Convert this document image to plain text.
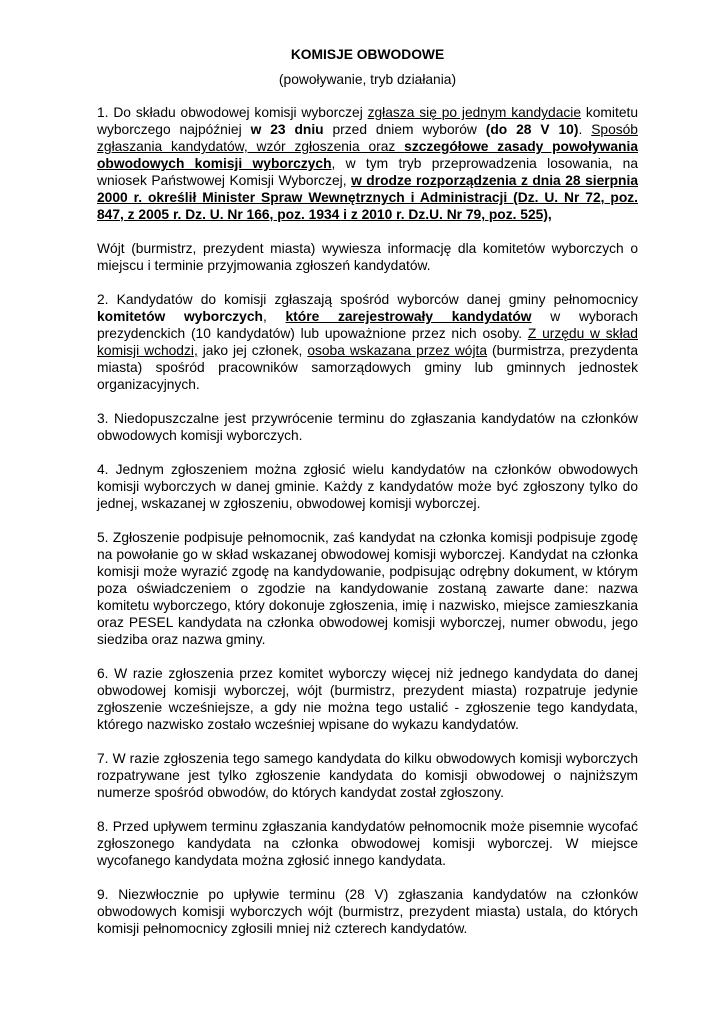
KOMISJE OBWODOWE
(powoływanie, tryb działania)

1. Do składu obwodowej komisji wyborczej zgłasza się po jednym kandydacie komitetu wyborczego najpóźniej w 23 dniu przed dniem wyborów (do 28 V 10). Sposób zgłaszania kandydatów, wzór zgłoszenia oraz szczegółowe zasady powoływania obwodowych komisji wyborczych, w tym tryb przeprowadzenia losowania, na wniosek Państwowej Komisji Wyborczej, w drodze rozporządzenia z dnia 28 sierpnia 2000 r. określił Minister Spraw Wewnętrznych i Administracji (Dz. U. Nr 72, poz. 847, z 2005 r. Dz. U. Nr 166, poz. 1934 i z 2010 r. Dz.U. Nr 79, poz. 525),

Wójt (burmistrz, prezydent miasta) wywiesza informację dla komitetów wyborczych o miejscu i terminie przyjmowania zgłoszeń kandydatów.

2. Kandydatów do komisji zgłaszają spośród wyborców danej gminy pełnomocnicy komitetów wyborczych, które zarejestrowały kandydatów w wyborach prezydenckich (10 kandydatów) lub upoważnione przez nich osoby. Z urzędu w skład komisji wchodzi, jako jej członek, osoba wskazana przez wójta (burmistrza, prezydenta miasta) spośród pracowników samorządowych gminy lub gminnych jednostek organizacyjnych.

3. Niedopuszczalne jest przywrócenie terminu do zgłaszania kandydatów na członków obwodowych komisji wyborczych.

4. Jednym zgłoszeniem można zgłosić wielu kandydatów na członków obwodowych komisji wyborczych w danej gminie. Każdy z kandydatów może być zgłoszony tylko do jednej, wskazanej w zgłoszeniu, obwodowej komisji wyborczej.

5. Zgłoszenie podpisuje pełnomocnik, zaś kandydat na członka komisji podpisuje zgodę na powołanie go w skład wskazanej obwodowej komisji wyborczej. Kandydat na członka komisji może wyrazić zgodę na kandydowanie, podpisując odrębny dokument, w którym poza oświadczeniem o zgodzie na kandydowanie zostaną zawarte dane: nazwa komitetu wyborczego, który dokonuje zgłoszenia, imię i nazwisko, miejsce zamieszkania oraz PESEL kandydata na członka obwodowej komisji wyborczej, numer obwodu, jego siedziba oraz nazwa gminy.

6. W razie zgłoszenia przez komitet wyborczy więcej niż jednego kandydata do danej obwodowej komisji wyborczej, wójt (burmistrz, prezydent miasta) rozpatruje jedynie zgłoszenie wcześniejsze, a gdy nie można tego ustalić - zgłoszenie tego kandydata, którego nazwisko zostało wcześniej wpisane do wykazu kandydatów.

7. W razie zgłoszenia tego samego kandydata do kilku obwodowych komisji wyborczych rozpatrywane jest tylko zgłoszenie kandydata do komisji obwodowej o najniższym numerze spośród obwodów, do których kandydat został zgłoszony.

8. Przed upływem terminu zgłaszania kandydatów pełnomocnik może pisemnie wycofać zgłoszonego kandydata na członka obwodowej komisji wyborczej. W miejsce wycofanego kandydata można zgłosić innego kandydata.

9. Niezwłocznie po upływie terminu (28 V) zgłaszania kandydatów na członków obwodowych komisji wyborczych wójt (burmistrz, prezydent miasta) ustala, do których komisji pełnomocnicy zgłosili mniej niż czterech kandydatów.
